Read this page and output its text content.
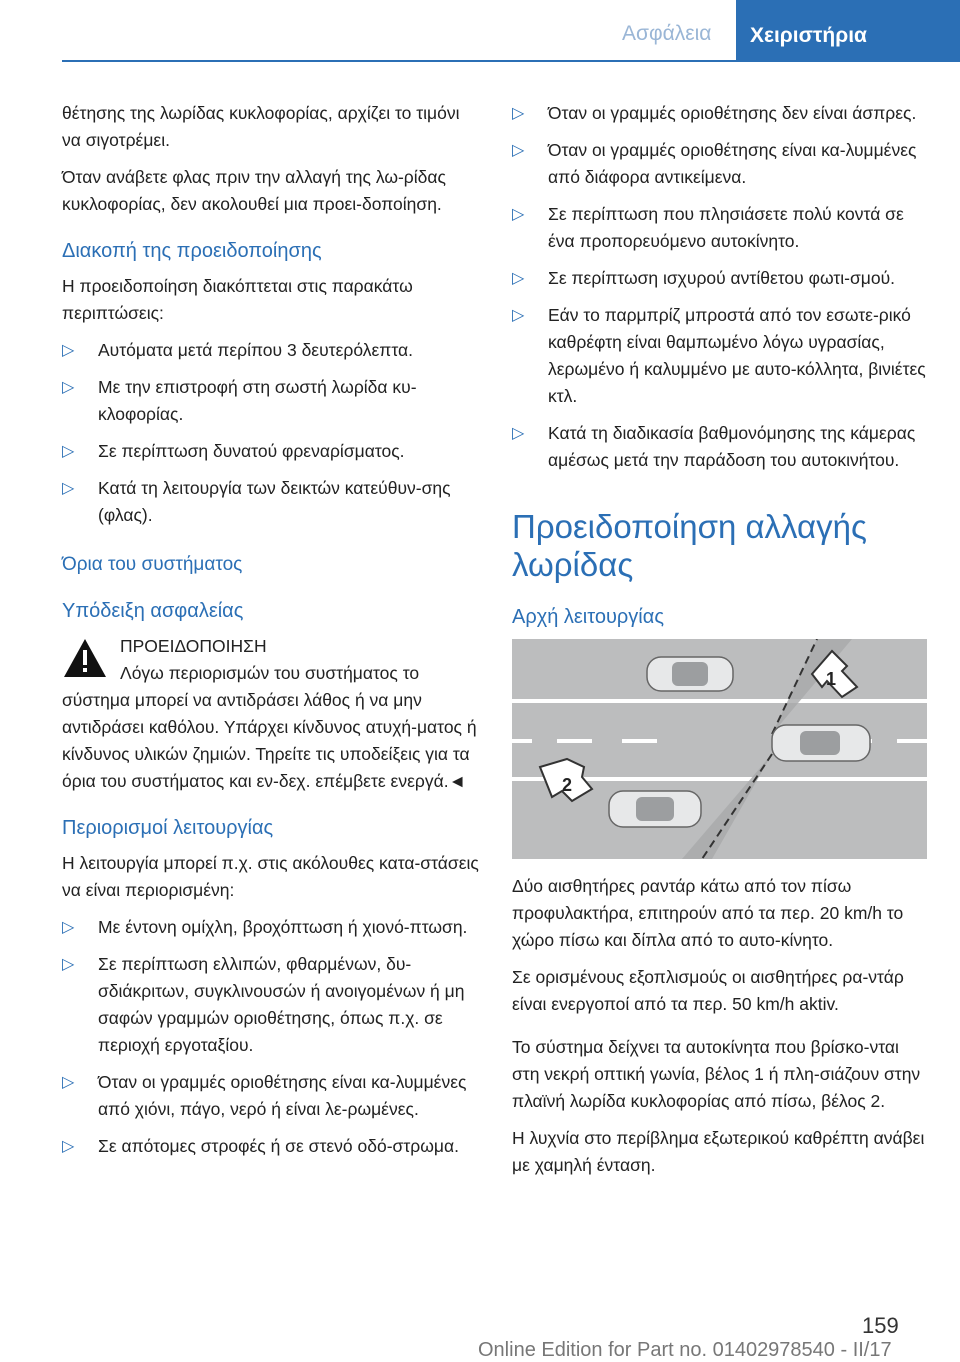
Ασφάλεια	Χειριστήρια

θέτησης της λωρίδας κυκλοφορίας, αρχίζει το τιμόνι να σιγοτρέμει.

Όταν ανάβετε φλας πριν την αλλαγή της λω-ρίδας κυκλοφορίας, δεν ακολουθεί μια προει-δοποίηση.

Διακοπή της προειδοποίησης

Η προειδοποίηση διακόπτεται στις παρακάτω περιπτώσεις:

▷ Αυτόματα μετά περίπου 3 δευτερόλεπτα.
▷ Με την επιστροφή στη σωστή λωρίδα κυ-κλοφορίας.
▷ Σε περίπτωση δυνατού φρεναρίσματος.
▷ Κατά τη λειτουργία των δεικτών κατεύθυν-σης (φλας).
Όρια του συστήματος
Υπόδειξη ασφαλείας
ΠΡΟΕΙΔΟΠΟΙΗΣΗ
Λόγω περιορισμών του συστήματος το σύστημα μπορεί να αντιδράσει λάθος ή να μην αντιδράσει καθόλου. Υπάρχει κίνδυνος ατυχή-ματος ή κίνδυνος υλικών ζημιών. Τηρείτε τις υποδείξεις για τα όρια του συστήματος και εν-δεχ. επέμβετε ενεργά.◄
Περιορισμοί λειτουργίας

Η λειτουργία μπορεί π.χ. στις ακόλουθες κατα-στάσεις να είναι περιορισμένη:

▷ Με έντονη ομίχλη, βροχόπτωση ή χιονό-πτωση.
▷ Σε περίπτωση ελλιπών, φθαρμένων, δυ-σδιάκριτων, συγκλινουσών ή ανοιγομένων ή μη σαφών γραμμών οριοθέτησης, όπως π.χ. σε περιοχή εργοταξίου.
▷ Όταν οι γραμμές οριοθέτησης είναι κα-λυμμένες από χιόνι, πάγο, νερό ή είναι λε-ρωμένες.
▷ Σε απότομες στροφές ή σε στενό οδό-στρωμα.
▷ Όταν οι γραμμές οριοθέτησης δεν είναι άσπρες.
▷ Όταν οι γραμμές οριοθέτησης είναι κα-λυμμένες από διάφορα αντικείμενα.
▷ Σε περίπτωση που πλησιάσετε πολύ κοντά σε ένα προπορευόμενο αυτοκίνητο.
▷ Σε περίπτωση ισχυρού αντίθετου φωτι-σμού.
▷ Εάν το παρμπρίζ μπροστά από τον εσωτε-ρικό καθρέφτη είναι θαμπωμένο λόγω υγρασίας, λερωμένο ή καλυμμένο με αυτο-κόλλητα, βινιέτες κτλ.
▷ Κατά τη διαδικασία βαθμονόμησης της κάμερας αμέσως μετά την παράδοση του αυτοκινήτου.
Προειδοποίηση αλλαγής λωρίδας
Αρχή λειτουργίας
1
2

Δύο αισθητήρες ραντάρ κάτω από τον πίσω προφυλακτήρα, επιτηρούν από τα περ. 20 km/h το χώρο πίσω και δίπλα από το αυτο-κίνητο.

Σε ορισμένους εξοπλισμούς οι αισθητήρες ρα-ντάρ είναι ενεργοποί από τα περ. 50 km/h aktiv.

Το σύστημα δείχνει τα αυτοκίνητα που βρίσκο-νται στη νεκρή οπτική γωνία, βέλος 1 ή πλη-σιάζουν στην πλαϊνή λωρίδα κυκλοφορίας από πίσω, βέλος 2.

Η λυχνία στο περίβλημα εξωτερικού καθρέπτη ανάβει με χαμηλή ένταση.

159
Online Edition for Part no. 01402978540 - II/17
